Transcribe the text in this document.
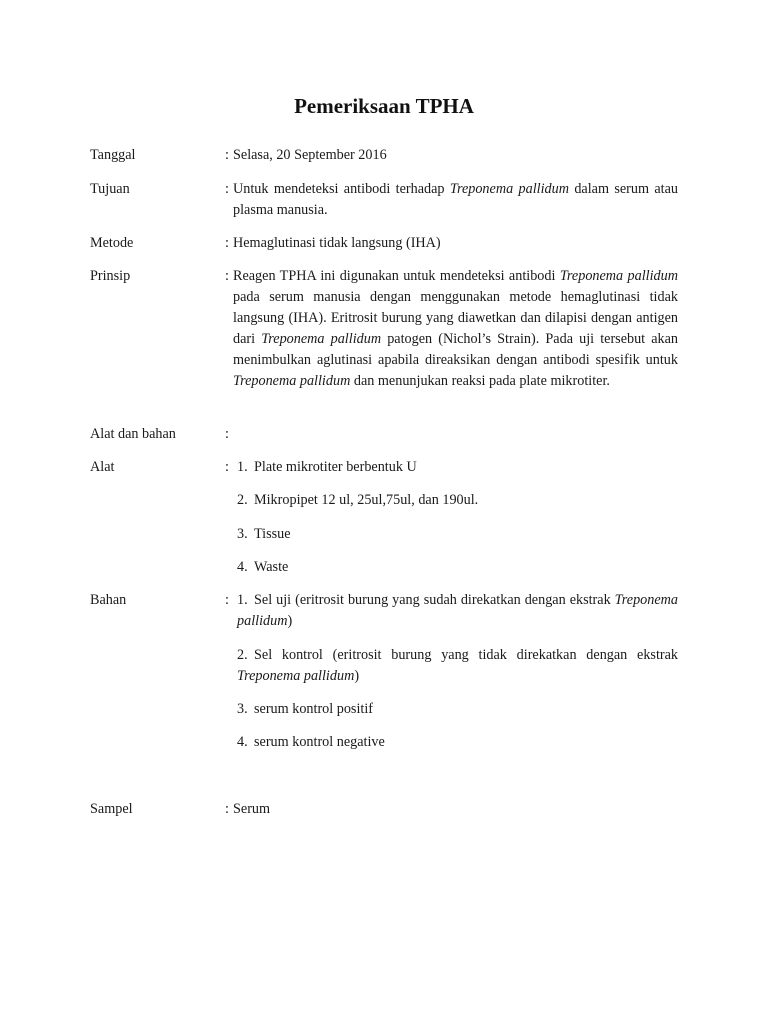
Pemeriksaan TPHA
Tanggal	: Selasa, 20 September 2016
Tujuan	: Untuk mendeteksi antibodi terhadap Treponema pallidum dalam serum atau plasma manusia.
Metode	: Hemaglutinasi tidak langsung (IHA)
Prinsip	: Reagen TPHA ini digunakan untuk mendeteksi antibodi Treponema pallidum pada serum manusia dengan menggunakan metode hemaglutinasi tidak langsung (IHA). Eritrosit burung yang diawetkan dan dilapisi dengan antigen dari Treponema pallidum patogen (Nichol’s Strain). Pada uji tersebut akan menimbulkan aglutinasi apabila direaksikan dengan antibodi spesifik untuk Treponema pallidum dan menunjukan reaksi pada plate mikrotiter.
Alat dan bahan	:
Alat	: 1. Plate mikrotiter berbentuk U
2. Mikropipet 12 ul, 25ul,75ul, dan 190ul.
3. Tissue
4. Waste
Bahan	: 1. Sel uji (eritrosit burung yang sudah direkatkan dengan ekstrak Treponema pallidum)
2. Sel kontrol (eritrosit burung yang tidak direkatkan dengan ekstrak Treponema pallidum)
3. serum kontrol positif
4. serum kontrol negative
Sampel	: Serum
